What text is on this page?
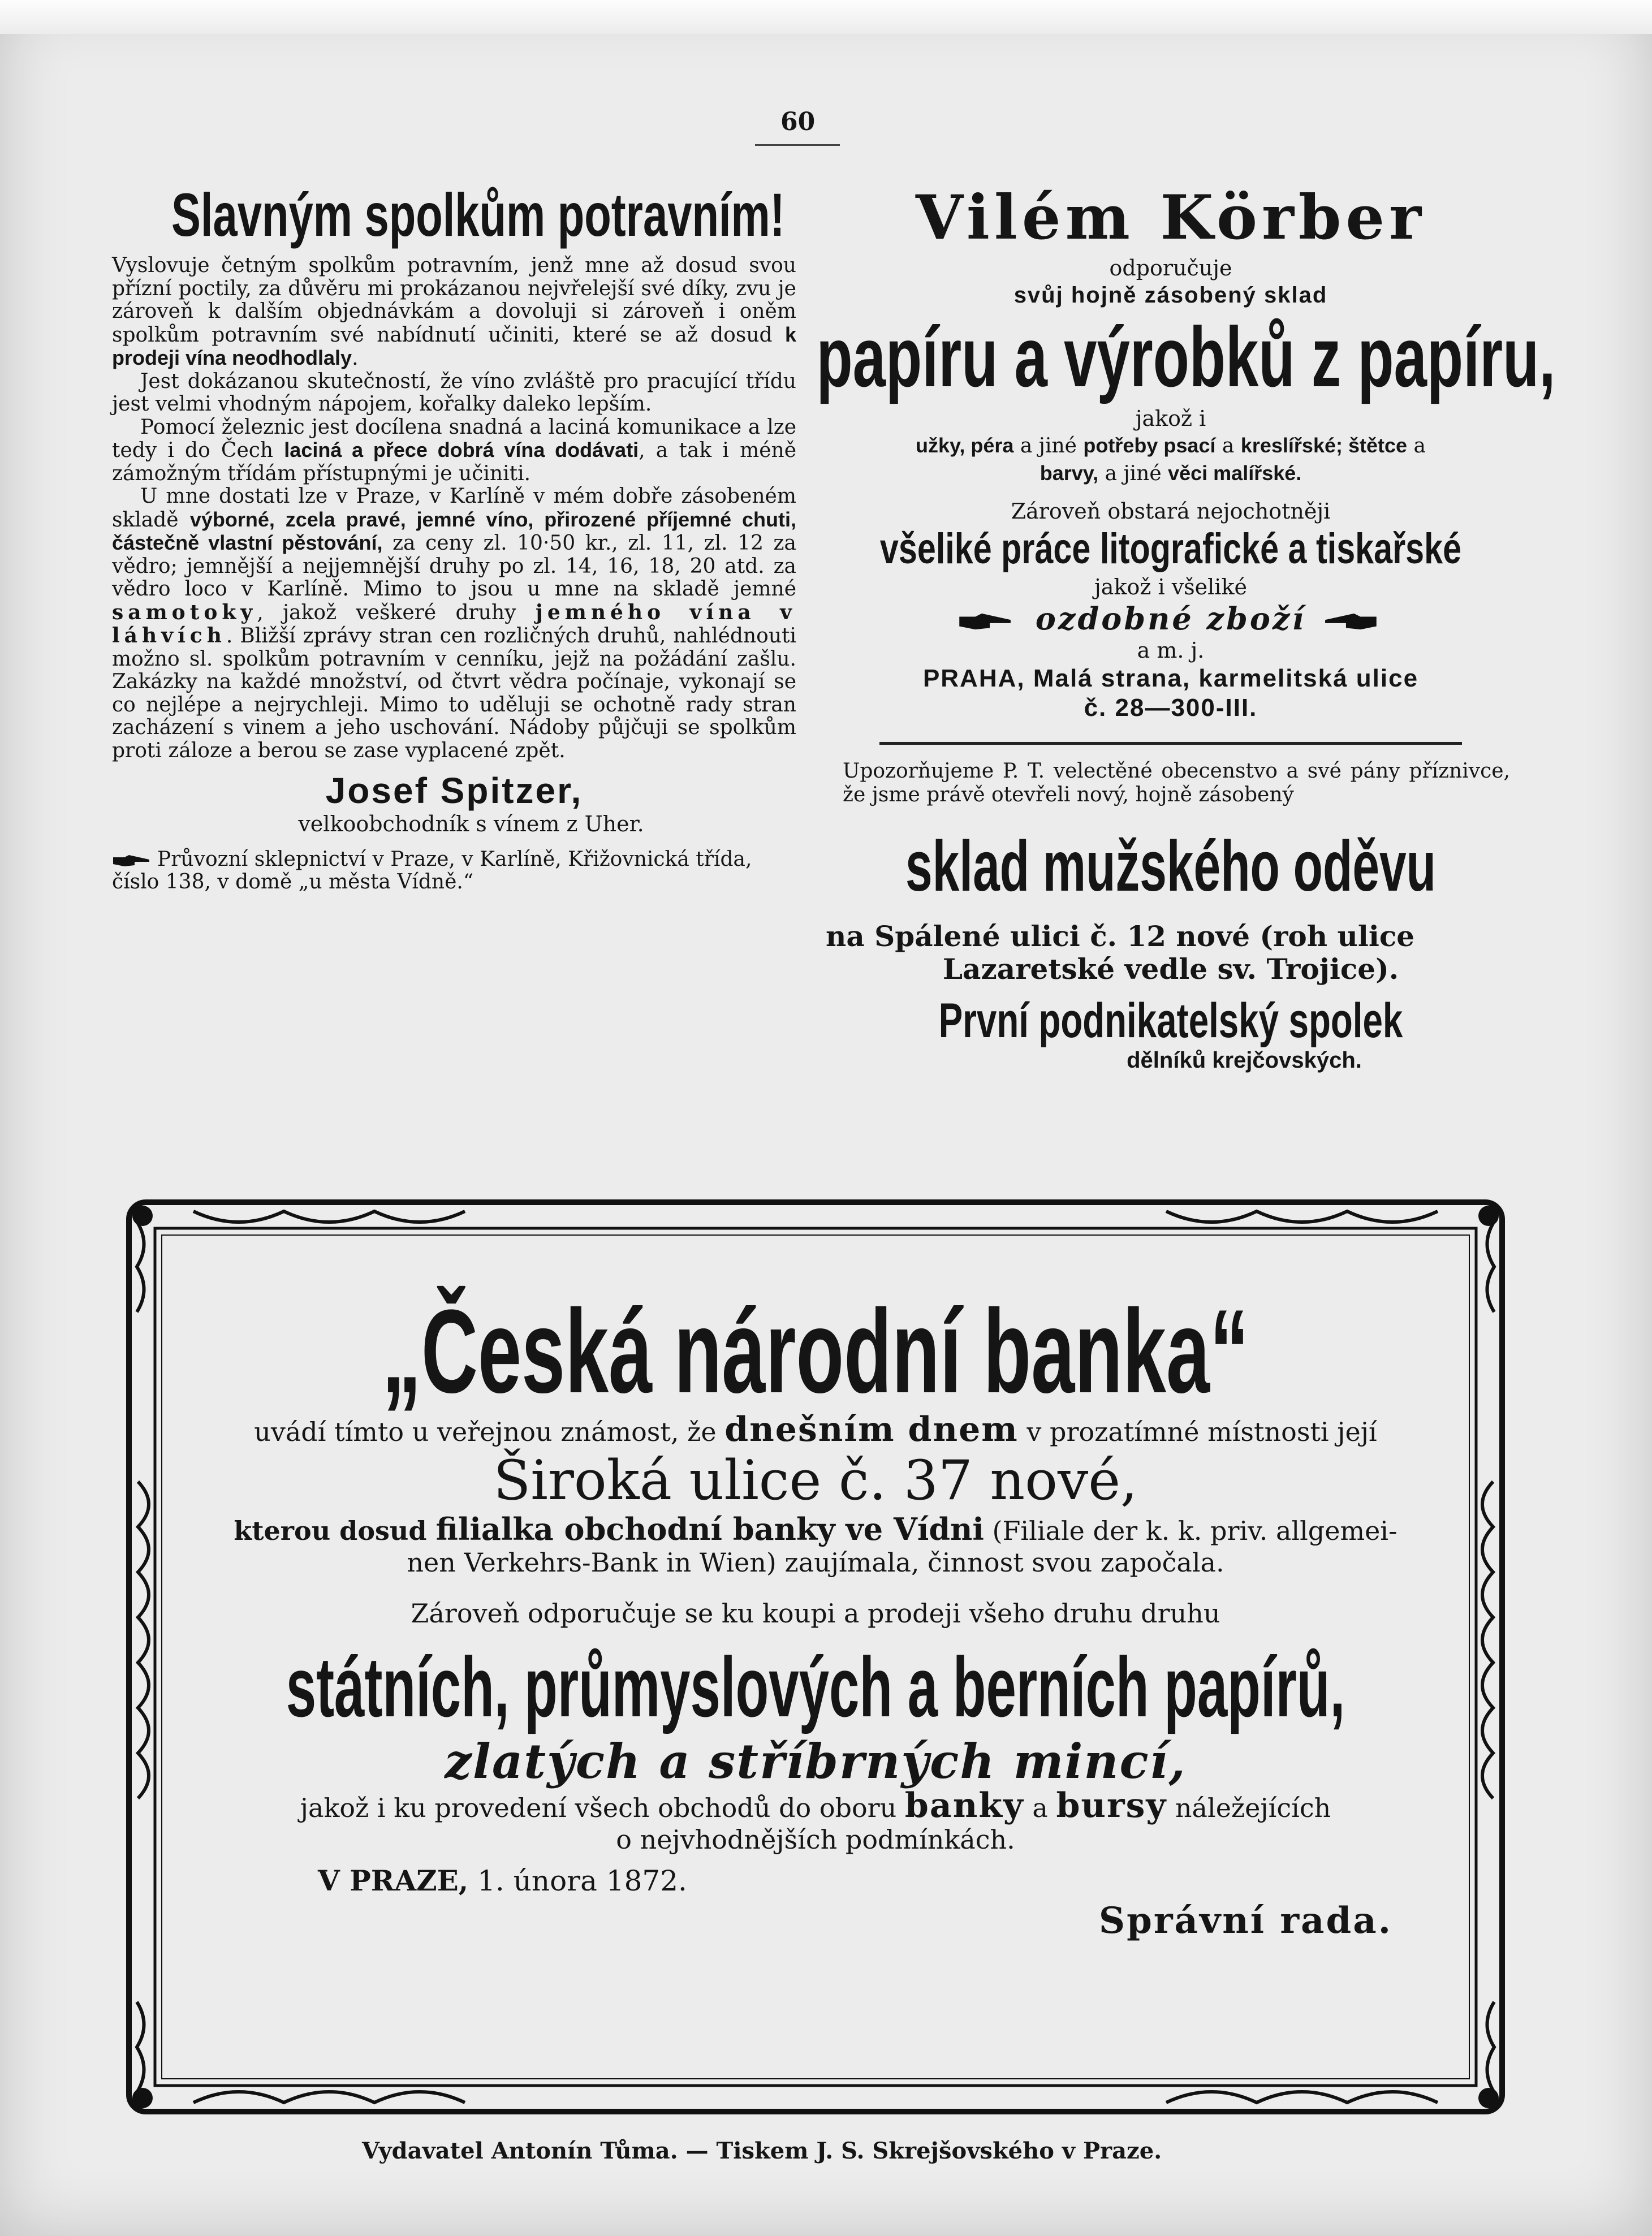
60
Slavným spolkům potravním!

Vyslovuje četným spolkům potravním, jenž mne až dosud svou přízní poctily, za důvěru mi prokázanou nejvřelejší své díky, zvu je zároveň k dalším objednávkám a dovoluji si zároveň i oněm spolkům potravním své nabídnutí učiniti, které se až dosud k prodeji vína neodhodlaly.

Jest dokázanou skutečností, že víno zvláště pro pracující třídu jest velmi vhodným nápojem, kořalky daleko lepším.

Pomocí železnic jest docílena snadná a laciná komunikace a lze tedy i do Čech laciná a přece dobrá vína dodávati, a tak i méně zámožným třídám přístupnými je učiniti.

U mne dostati lze v Praze, v Karlíně v mém dobře zásobeném skladě výborné, zcela pravé, jemné víno, přirozené příjemné chuti, částečně vlastní pěstování, za ceny zl. 10·50 kr., zl. 11, zl. 12 za vědro; jemnější a nejjemnější druhy po zl. 14, 16, 18, 20 atd. za vědro loco v Karlíně. Mimo to jsou u mne na skladě jemné samotoky, jakož veškeré druhy jemného vína v láhvích. Bližší zprávy stran cen rozličných druhů, nahlédnouti možno sl. spolkům potravním v cenníku, jejž na požádání zašlu. Zakázky na každé množství, od čtvrt vědra počínaje, vykonají se co nejlépe a nejrychleji. Mimo to uděluji se ochotně rady stran zacházení s vinem a jeho uschování. Nádoby půjčuji se spolkům proti záloze a berou se zase vyplacené zpět.

Josef Spitzer,
velkoobchodník s vínem z Uher.
Průvozní sklepnictví v Praze, v Karlíně, Křižovnická třída, číslo 138, v domě „u města Vídně.“
Vilém Körber

odporučuje

svůj hojně zásobený sklad

papíru a výrobků z papíru,

jakož i

užky, péra a jiné potřeby psací a kreslířské; štětce a

barvy, a jiné věci malířské.

Zároveň obstará nejochotněji

všeliké práce litografické a tiskařské

jakož i všeliké

ozdobné zboží

a m. j.

PRAHA, Malá strana, karmelitská ulice

č. 28—300-III.

Upozorňujeme P. T. velectěné obecenstvo a své pány příznivce, že jsme právě otevřeli nový, hojně zásobený

sklad mužského oděvu

na Spálené ulici č. 12 nové (roh ulice

Lazaretské vedle sv. Trojice).

První podnikatelský spolek

dělníků krejčovských.

„Česká národní banka“

uvádí tímto u veřejnou známost, že dnešním dnem v prozatímné místnosti její

Široká ulice č. 37 nové,

kterou dosud filialka obchodní banky ve Vídni (Filiale der k. k. priv. allgemei-

nen Verkehrs-Bank in Wien) zaujímala, činnost svou započala.

Zároveň odporučuje se ku koupi a prodeji všeho druhu druhu

státních, průmyslových a berních papírů,

zlatých a stříbrných mincí,

jakož i ku provedení všech obchodů do oboru banky a bursy náležejících

o nejvhodnějších podmínkách.

V PRAZE, 1. února 1872.

Správní rada.

Vydavatel Antonín Tůma. — Tiskem J. S. Skrejšovského v Praze.
